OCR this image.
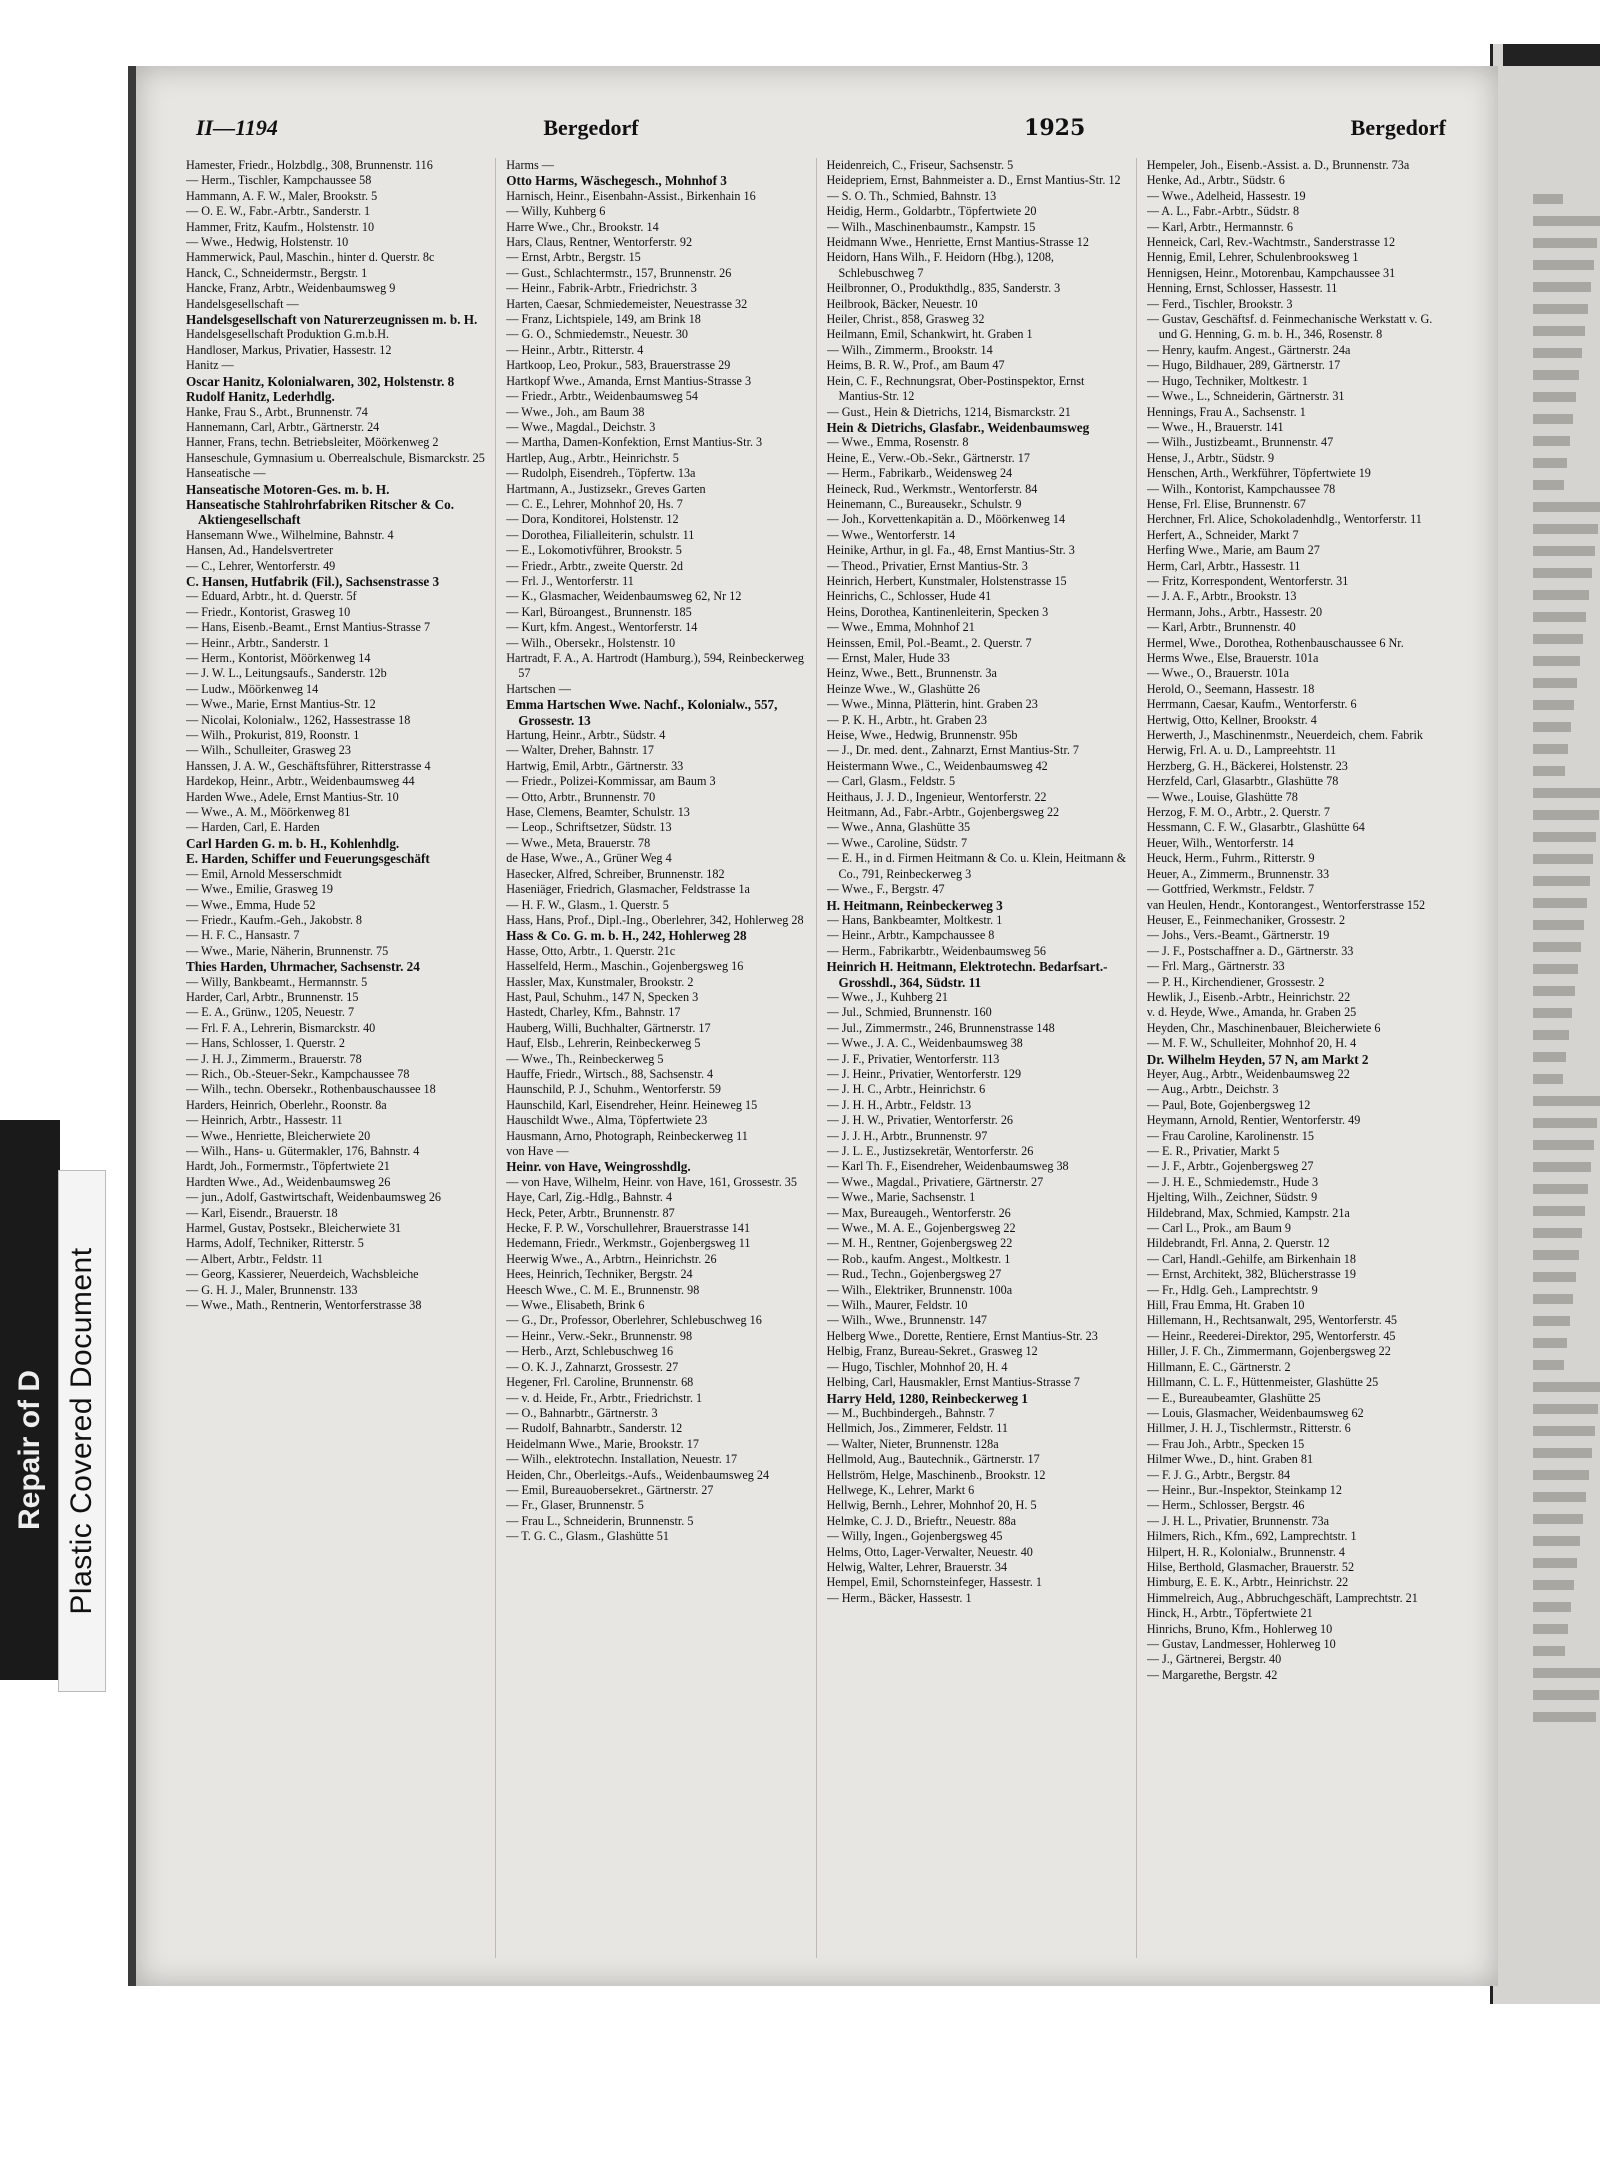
Repair of D Plastic Covered Document
II—1194	Bergedorf	1925	Bergedorf

Hamester, Friedr., Holzbdlg., 308, Brunnenstr. 116

— Herm., Tischler, Kampchaussee 58

Hammann, A. F. W., Maler, Brookstr. 5

— O. E. W., Fabr.-Arbtr., Sanderstr. 1

Hammer, Fritz, Kaufm., Holstenstr. 10

— Wwe., Hedwig, Holstenstr. 10

Hammerwick, Paul, Maschin., hinter d. Querstr. 8c

Hanck, C., Schneidermstr., Bergstr. 1

Hancke, Franz, Arbtr., Weidenbaumsweg 9

Handelsgesellschaft —

Handelsgesellschaft von Naturerzeugnissen m. b. H.

Handelsgesellschaft Produktion G.m.b.H.

Handloser, Markus, Privatier, Hassestr. 12

Hanitz —

Oscar Hanitz, Kolonialwaren, 302, Holstenstr. 8

Rudolf Hanitz, Lederhdlg.

Hanke, Frau S., Arbt., Brunnenstr. 74

Hannemann, Carl, Arbtr., Gärtnerstr. 24

Hanner, Frans, techn. Betriebsleiter, Möörkenweg 2

Hanseschule, Gymnasium u. Oberrealschule, Bismarckstr. 25

Hanseatische —

Hanseatische Motoren-Ges. m. b. H.

Hanseatische Stahlrohrfabriken Ritscher & Co. Aktiengesellschaft

Hansemann Wwe., Wilhelmine, Bahnstr. 4

Hansen, Ad., Handelsvertreter

— C., Lehrer, Wentorferstr. 49

C. Hansen, Hutfabrik (Fil.), Sachsenstrasse 3

— Eduard, Arbtr., ht. d. Querstr. 5f

— Friedr., Kontorist, Grasweg 10

— Hans, Eisenb.-Beamt., Ernst Mantius-Strasse 7

— Heinr., Arbtr., Sanderstr. 1

— Herm., Kontorist, Möörkenweg 14

— J. W. L., Leitungsaufs., Sanderstr. 12b

— Ludw., Möörkenweg 14

— Wwe., Marie, Ernst Mantius-Str. 12

— Nicolai, Kolonialw., 1262, Hassestrasse 18

— Wilh., Prokurist, 819, Roonstr. 1

— Wilh., Schulleiter, Grasweg 23

Hanssen, J. A. W., Geschäftsführer, Ritterstrasse 4

Hardekop, Heinr., Arbtr., Weidenbaumsweg 44

Harden Wwe., Adele, Ernst Mantius-Str. 10

— Wwe., A. M., Möörkenweg 81

— Harden, Carl, E. Harden

Carl Harden G. m. b. H., Kohlenhdlg.

E. Harden, Schiffer und Feuerungsgeschäft

— Emil, Arnold Messerschmidt

— Wwe., Emilie, Grasweg 19

— Wwe., Emma, Hude 52

— Friedr., Kaufm.-Geh., Jakobstr. 8

— H. F. C., Hansastr. 7

— Wwe., Marie, Näherin, Brunnenstr. 75

Thies Harden, Uhrmacher, Sachsenstr. 24

— Willy, Bankbeamt., Hermannstr. 5

Harder, Carl, Arbtr., Brunnenstr. 15

— E. A., Grünw., 1205, Neuestr. 7

— Frl. F. A., Lehrerin, Bismarckstr. 40

— Hans, Schlosser, 1. Querstr. 2

— J. H. J., Zimmerm., Brauerstr. 78

— Rich., Ob.-Steuer-Sekr., Kampchaussee 78

— Wilh., techn. Obersekr., Rothenbauschaussee 18

Harders, Heinrich, Oberlehr., Roonstr. 8a

— Heinrich, Arbtr., Hassestr. 11

— Wwe., Henriette, Bleicherwiete 20

— Wilh., Hans- u. Gütermakler, 176, Bahnstr. 4

Hardt, Joh., Formermstr., Töpfertwiete 21

Hardten Wwe., Ad., Weidenbaumsweg 26

— jun., Adolf, Gastwirtschaft, Weidenbaumsweg 26

— Karl, Eisendr., Brauerstr. 18

Harmel, Gustav, Postsekr., Bleicherwiete 31

Harms, Adolf, Techniker, Ritterstr. 5

— Albert, Arbtr., Feldstr. 11

— Georg, Kassierer, Neuerdeich, Wachsbleiche

— G. H. J., Maler, Brunnenstr. 133

— Wwe., Math., Rentnerin, Wentorferstrasse 38

Harms —

Otto Harms, Wäschegesch., Mohnhof 3

Harnisch, Heinr., Eisenbahn-Assist., Birkenhain 16

— Willy, Kuhberg 6

Harre Wwe., Chr., Brookstr. 14

Hars, Claus, Rentner, Wentorferstr. 92

— Ernst, Arbtr., Bergstr. 15

— Gust., Schlachtermstr., 157, Brunnenstr. 26

— Heinr., Fabrik-Arbtr., Friedrichstr. 3

Harten, Caesar, Schmiedemeister, Neuestrasse 32

— Franz, Lichtspiele, 149, am Brink 18

— G. O., Schmiedemstr., Neuestr. 30

— Heinr., Arbtr., Ritterstr. 4

Hartkoop, Leo, Prokur., 583, Brauerstrasse 29

Hartkopf Wwe., Amanda, Ernst Mantius-Strasse 3

— Friedr., Arbtr., Weidenbaumsweg 54

— Wwe., Joh., am Baum 38

— Wwe., Magdal., Deichstr. 3

— Martha, Damen-Konfektion, Ernst Mantius-Str. 3

Hartlep, Aug., Arbtr., Heinrichstr. 5

— Rudolph, Eisendreh., Töpfertw. 13a

Hartmann, A., Justizsekr., Greves Garten

— C. E., Lehrer, Mohnhof 20, Hs. 7

— Dora, Konditorei, Holstenstr. 12

— Dorothea, Filialleiterin, schulstr. 11

— E., Lokomotivführer, Brookstr. 5

— Friedr., Arbtr., zweite Querstr. 2d

— Frl. J., Wentorferstr. 11

— K., Glasmacher, Weidenbaumsweg 62, Nr 12

— Karl, Büroangest., Brunnenstr. 185

— Kurt, kfm. Angest., Wentorferstr. 14

— Wilh., Obersekr., Holstenstr. 10

Hartradt, F. A., A. Hartrodt (Hamburg.), 594, Reinbeckerweg 57

Hartschen —

Emma Hartschen Wwe. Nachf., Kolonialw., 557, Grossestr. 13

Hartung, Heinr., Arbtr., Südstr. 4

— Walter, Dreher, Bahnstr. 17

Hartwig, Emil, Arbtr., Gärtnerstr. 33

— Friedr., Polizei-Kommissar, am Baum 3

— Otto, Arbtr., Brunnenstr. 70

Hase, Clemens, Beamter, Schulstr. 13

— Leop., Schriftsetzer, Südstr. 13

— Wwe., Meta, Brauerstr. 78

de Hase, Wwe., A., Grüner Weg 4

Hasecker, Alfred, Schreiber, Brunnenstr. 182

Haseniäger, Friedrich, Glasmacher, Feldstrasse 1a

— H. F. W., Glasm., 1. Querstr. 5

Hass, Hans, Prof., Dipl.-Ing., Oberlehrer, 342, Hohlerweg 28

Hass & Co. G. m. b. H., 242, Hohlerweg 28

Hasse, Otto, Arbtr., 1. Querstr. 21c

Hasselfeld, Herm., Maschin., Gojenbergsweg 16

Hassler, Max, Kunstmaler, Brookstr. 2

Hast, Paul, Schuhm., 147 N, Specken 3

Hastedt, Charley, Kfm., Bahnstr. 17

Hauberg, Willi, Buchhalter, Gärtnerstr. 17

Hauf, Elsb., Lehrerin, Reinbeckerweg 5

— Wwe., Th., Reinbeckerweg 5

Hauffe, Friedr., Wirtsch., 88, Sachsenstr. 4

Haunschild, P. J., Schuhm., Wentorferstr. 59

Haunschild, Karl, Eisendreher, Heinr. Heineweg 15

Hauschildt Wwe., Alma, Töpfertwiete 23

Hausmann, Arno, Photograph, Reinbeckerweg 11

von Have —

Heinr. von Have, Weingrosshdlg.

— von Have, Wilhelm, Heinr. von Have, 161, Grossestr. 35

Haye, Carl, Zig.-Hdlg., Bahnstr. 4

Heck, Peter, Arbtr., Brunnenstr. 87

Hecke, F. P. W., Vorschullehrer, Brauerstrasse 141

Hedemann, Friedr., Werkmstr., Gojenbergsweg 11

Heerwig Wwe., A., Arbtrn., Heinrichstr. 26

Hees, Heinrich, Techniker, Bergstr. 24

Heesch Wwe., C. M. E., Brunnenstr. 98

— Wwe., Elisabeth, Brink 6

— G., Dr., Professor, Oberlehrer, Schlebuschweg 16

— Heinr., Verw.-Sekr., Brunnenstr. 98

— Herb., Arzt, Schlebuschweg 16

— O. K. J., Zahnarzt, Grossestr. 27

Hegener, Frl. Caroline, Brunnenstr. 68

— v. d. Heide, Fr., Arbtr., Friedrichstr. 1

— O., Bahnarbtr., Gärtnerstr. 3

— Rudolf, Bahnarbtr., Sanderstr. 12

Heidelmann Wwe., Marie, Brookstr. 17

— Wilh., elektrotechn. Installation, Neuestr. 17

Heiden, Chr., Oberleitgs.-Aufs., Weidenbaumsweg 24

— Emil, Bureauobersekret., Gärtnerstr. 27

— Fr., Glaser, Brunnenstr. 5

— Frau L., Schneiderin, Brunnenstr. 5

— T. G. C., Glasm., Glashütte 51

Heidenreich, C., Friseur, Sachsenstr. 5

Heidepriem, Ernst, Bahnmeister a. D., Ernst Mantius-Str. 12

— S. O. Th., Schmied, Bahnstr. 13

Heidig, Herm., Goldarbtr., Töpfertwiete 20

— Wilh., Maschinenbaumstr., Kampstr. 15

Heidmann Wwe., Henriette, Ernst Mantius-Strasse 12

Heidorn, Hans Wilh., F. Heidorn (Hbg.), 1208, Schlebuschweg 7

Heilbronner, O., Produkthdlg., 835, Sanderstr. 3

Heilbrook, Bäcker, Neuestr. 10

Heiler, Christ., 858, Grasweg 32

Heilmann, Emil, Schankwirt, ht. Graben 1

— Wilh., Zimmerm., Brookstr. 14

Heims, B. R. W., Prof., am Baum 47

Hein, C. F., Rechnungsrat, Ober-Postinspektor, Ernst Mantius-Str. 12

— Gust., Hein & Dietrichs, 1214, Bismarckstr. 21

Hein & Dietrichs, Glasfabr., Weidenbaumsweg

— Wwe., Emma, Rosenstr. 8

Heine, E., Verw.-Ob.-Sekr., Gärtnerstr. 17

— Herm., Fabrikarb., Weidensweg 24

Heineck, Rud., Werkmstr., Wentorferstr. 84

Heinemann, C., Bureausekr., Schulstr. 9

— Joh., Korvettenkapitän a. D., Möörkenweg 14

— Wwe., Wentorferstr. 14

Heinike, Arthur, in gl. Fa., 48, Ernst Mantius-Str. 3

— Theod., Privatier, Ernst Mantius-Str. 3

Heinrich, Herbert, Kunstmaler, Holstenstrasse 15

Heinrichs, C., Schlosser, Hude 41

Heins, Dorothea, Kantinenleiterin, Specken 3

— Wwe., Emma, Mohnhof 21

Heinssen, Emil, Pol.-Beamt., 2. Querstr. 7

— Ernst, Maler, Hude 33

Heinz, Wwe., Bett., Brunnenstr. 3a

Heinze Wwe., W., Glashütte 26

— Wwe., Minna, Plätterin, hint. Graben 23

— P. K. H., Arbtr., ht. Graben 23

Heise, Wwe., Hedwig, Brunnenstr. 95b

— J., Dr. med. dent., Zahnarzt, Ernst Mantius-Str. 7

Heistermann Wwe., C., Weidenbaumsweg 42

— Carl, Glasm., Feldstr. 5

Heithaus, J. J. D., Ingenieur, Wentorferstr. 22

Heitmann, Ad., Fabr.-Arbtr., Gojenbergsweg 22

— Wwe., Anna, Glashütte 35

— Wwe., Caroline, Südstr. 7

— E. H., in d. Firmen Heitmann & Co. u. Klein, Heitmann & Co., 791, Reinbeckerweg 3

— Wwe., F., Bergstr. 47

H. Heitmann, Reinbeckerweg 3

— Hans, Bankbeamter, Moltkestr. 1

— Heinr., Arbtr., Kampchaussee 8

— Herm., Fabrikarbtr., Weidenbaumsweg 56

Heinrich H. Heitmann, Elektrotechn. Bedarfsart.-Grosshdl., 364, Südstr. 11

— Wwe., J., Kuhberg 21

— Jul., Schmied, Brunnenstr. 160

— Jul., Zimmermstr., 246, Brunnenstrasse 148

— Wwe., J. A. C., Weidenbaumsweg 38

— J. F., Privatier, Wentorferstr. 113

— J. Heinr., Privatier, Wentorferstr. 129

— J. H. C., Arbtr., Heinrichstr. 6

— J. H. H., Arbtr., Feldstr. 13

— J. H. W., Privatier, Wentorferstr. 26

— J. J. H., Arbtr., Brunnenstr. 97

— J. L. E., Justizsekretär, Wentorferstr. 26

— Karl Th. F., Eisendreher, Weidenbaumsweg 38

— Wwe., Magdal., Privatiere, Gärtnerstr. 27

— Wwe., Marie, Sachsenstr. 1

— Max, Bureaugeh., Wentorferstr. 26

— Wwe., M. A. E., Gojenbergsweg 22

— M. H., Rentner, Gojenbergsweg 22

— Rob., kaufm. Angest., Moltkestr. 1

— Rud., Techn., Gojenbergsweg 27

— Wilh., Elektriker, Brunnenstr. 100a

— Wilh., Maurer, Feldstr. 10

— Wilh., Wwe., Brunnenstr. 147

Helberg Wwe., Dorette, Rentiere, Ernst Mantius-Str. 23

Helbig, Franz, Bureau-Sekret., Grasweg 12

— Hugo, Tischler, Mohnhof 20, H. 4

Helbing, Carl, Hausmakler, Ernst Mantius-Strasse 7

Harry Held, 1280, Reinbeckerweg 1

— M., Buchbindergeh., Bahnstr. 7

Hellmich, Jos., Zimmerer, Feldstr. 11

— Walter, Nieter, Brunnenstr. 128a

Hellmold, Aug., Bautechnik., Gärtnerstr. 17

Hellström, Helge, Maschinenb., Brookstr. 12

Hellwege, K., Lehrer, Markt 6

Hellwig, Bernh., Lehrer, Mohnhof 20, H. 5

Helmke, C. J. D., Brieftr., Neuestr. 88a

— Willy, Ingen., Gojenbergsweg 45

Helms, Otto, Lager-Verwalter, Neuestr. 40

Helwig, Walter, Lehrer, Brauerstr. 34

Hempel, Emil, Schornsteinfeger, Hassestr. 1

— Herm., Bäcker, Hassestr. 1

Hempeler, Joh., Eisenb.-Assist. a. D., Brunnenstr. 73a

Henke, Ad., Arbtr., Südstr. 6

— Wwe., Adelheid, Hassestr. 19

— A. L., Fabr.-Arbtr., Südstr. 8

— Karl, Arbtr., Hermannstr. 6

Henneick, Carl, Rev.-Wachtmstr., Sanderstrasse 12

Hennig, Emil, Lehrer, Schulenbrooksweg 1

Hennigsen, Heinr., Motorenbau, Kampchaussee 31

Henning, Ernst, Schlosser, Hassestr. 11

— Ferd., Tischler, Brookstr. 3

— Gustav, Geschäftsf. d. Feinmechanische Werkstatt v. G. und G. Henning, G. m. b. H., 346, Rosenstr. 8

— Henry, kaufm. Angest., Gärtnerstr. 24a

— Hugo, Bildhauer, 289, Gärtnerstr. 17

— Hugo, Techniker, Moltkestr. 1

— Wwe., L., Schneiderin, Gärtnerstr. 31

Hennings, Frau A., Sachsenstr. 1

— Wwe., H., Brauerstr. 141

— Wilh., Justizbeamt., Brunnenstr. 47

Hense, J., Arbtr., Südstr. 9

Henschen, Arth., Werkführer, Töpfertwiete 19

— Wilh., Kontorist, Kampchaussee 78

Hense, Frl. Elise, Brunnenstr. 67

Herchner, Frl. Alice, Schokoladenhdlg., Wentorferstr. 11

Herfert, A., Schneider, Markt 7

Herfing Wwe., Marie, am Baum 27

Herm, Carl, Arbtr., Hassestr. 11

— Fritz, Korrespondent, Wentorferstr. 31

— J. A. F., Arbtr., Brookstr. 13

Hermann, Johs., Arbtr., Hassestr. 20

— Karl, Arbtr., Brunnenstr. 40

Hermel, Wwe., Dorothea, Rothenbauschaussee 6 Nr.

Herms Wwe., Else, Brauerstr. 101a

— Wwe., O., Brauerstr. 101a

Herold, O., Seemann, Hassestr. 18

Herrmann, Caesar, Kaufm., Wentorferstr. 6

Hertwig, Otto, Kellner, Brookstr. 4

Herwerth, J., Maschinenmstr., Neuerdeich, chem. Fabrik

Herwig, Frl. A. u. D., Lampreehtstr. 11

Herzberg, G. H., Bäckerei, Holstenstr. 23

Herzfeld, Carl, Glasarbtr., Glashütte 78

— Wwe., Louise, Glashütte 78

Herzog, F. M. O., Arbtr., 2. Querstr. 7

Hessmann, C. F. W., Glasarbtr., Glashütte 64

Heuer, Wilh., Wentorferstr. 14

Heuck, Herm., Fuhrm., Ritterstr. 9

Heuer, A., Zimmerm., Brunnenstr. 33

— Gottfried, Werkmstr., Feldstr. 7

van Heulen, Hendr., Kontorangest., Wentorferstrasse 152

Heuser, E., Feinmechaniker, Grossestr. 2

— Johs., Vers.-Beamt., Gärtnerstr. 19

— J. F., Postschaffner a. D., Gärtnerstr. 33

— Frl. Marg., Gärtnerstr. 33

— P. H., Kirchendiener, Grossestr. 2

Hewlik, J., Eisenb.-Arbtr., Heinrichstr. 22

v. d. Heyde, Wwe., Amanda, hr. Graben 25

Heyden, Chr., Maschinenbauer, Bleicherwiete 6

— M. F. W., Schulleiter, Mohnhof 20, H. 4

Dr. Wilhelm Heyden, 57 N, am Markt 2

Heyer, Aug., Arbtr., Weidenbaumsweg 22

— Aug., Arbtr., Deichstr. 3

— Paul, Bote, Gojenbergsweg 12

Heymann, Arnold, Rentier, Wentorferstr. 49

— Frau Caroline, Karolinenstr. 15

— E. R., Privatier, Markt 5

— J. F., Arbtr., Gojenbergsweg 27

— J. H. E., Schmiedemstr., Hude 3

Hjelting, Wilh., Zeichner, Südstr. 9

Hildebrand, Max, Schmied, Kampstr. 21a

— Carl L., Prok., am Baum 9

Hildebrandt, Frl. Anna, 2. Querstr. 12

— Carl, Handl.-Gehilfe, am Birkenhain 18

— Ernst, Architekt, 382, Blücherstrasse 19

— Fr., Hdlg. Geh., Lamprechtstr. 9

Hill, Frau Emma, Ht. Graben 10

Hillemann, H., Rechtsanwalt, 295, Wentorferstr. 45

— Heinr., Reederei-Direktor, 295, Wentorferstr. 45

Hiller, J. F. Ch., Zimmermann, Gojenbergsweg 22

Hillmann, E. C., Gärtnerstr. 2

Hillmann, C. L. F., Hüttenmeister, Glashütte 25

— E., Bureaubeamter, Glashütte 25

— Louis, Glasmacher, Weidenbaumsweg 62

Hillmer, J. H. J., Tischlermstr., Ritterstr. 6

— Frau Joh., Arbtr., Specken 15

Hilmer Wwe., D., hint. Graben 81

— F. J. G., Arbtr., Bergstr. 84

— Heinr., Bur.-Inspektor, Steinkamp 12

— Herm., Schlosser, Bergstr. 46

— J. H. L., Privatier, Brunnenstr. 73a

Hilmers, Rich., Kfm., 692, Lamprechtstr. 1

Hilpert, H. R., Kolonialw., Brunnenstr. 4

Hilse, Berthold, Glasmacher, Brauerstr. 52

Himburg, E. E. K., Arbtr., Heinrichstr. 22

Himmelreich, Aug., Abbruchgeschäft, Lamprechtstr. 21

Hinck, H., Arbtr., Töpfertwiete 21

Hinrichs, Bruno, Kfm., Hohlerweg 10

— Gustav, Landmesser, Hohlerweg 10

— J., Gärtnerei, Bergstr. 40

— Margarethe, Bergstr. 42
